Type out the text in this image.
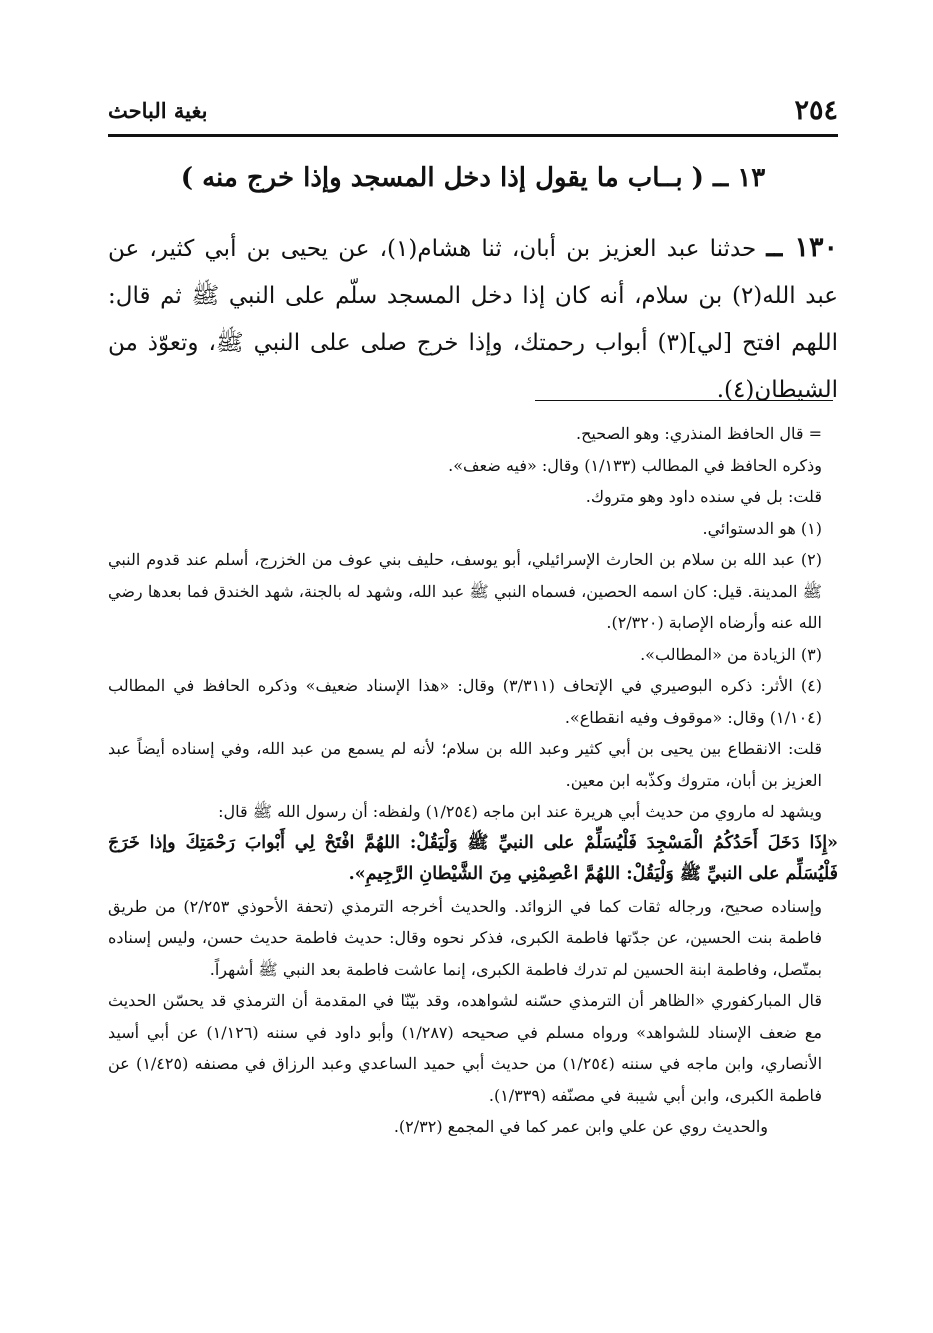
٢٥٤
بغية الباحث
١٣ ــ ( بــاب ما يقول إذا دخل المسجد وإذا خرج منه )
١٣٠ ــ حدثنا عبد العزيز بن أبان، ثنا هشام(١)، عن يحيى بن أبي كثير، عن عبد الله(٢) بن سلام، أنه كان إذا دخل المسجد سلّم على النبي ﷺ ثم قال: اللهم افتح [لي](٣) أبواب رحمتك، وإذا خرج صلى على النبي ﷺ، وتعوّذ من الشيطان(٤).

= قال الحافظ المنذري: وهو الصحيح.

وذكره الحافظ في المطالب (١/١٣٣) وقال: «فيه ضعف».

قلت: بل في سنده داود وهو متروك.

(١) هو الدستوائي.

(٢) عبد الله بن سلام بن الحارث الإسرائيلي، أبو يوسف، حليف بني عوف من الخزرج، أسلم عند قدوم النبي ﷺ المدينة. قيل: كان اسمه الحصين، فسماه النبي ﷺ عبد الله، وشهد له بالجنة، شهد الخندق فما بعدها رضي الله عنه وأرضاه الإصابة (٢/٣٢٠).

(٣) الزيادة من «المطالب».

(٤) الأثر: ذكره البوصيري في الإتحاف (٣/٣١١) وقال: «هذا الإسناد ضعيف» وذكره الحافظ في المطالب (١/١٠٤) وقال: «موقوف وفيه انقطاع».

قلت: الانقطاع بين يحيى بن أبي كثير وعبد الله بن سلام؛ لأنه لم يسمع من عبد الله، وفي إسناده أيضاً عبد العزيز بن أبان، متروك وكذّبه ابن معين.

ويشهد له ماروي من حديث أبي هريرة عند ابن ماجه (١/٢٥٤) ولفظه: أن رسول الله ﷺ قال:

«إِذَا دَخَلَ أَحَدُكُمُ الْمَسْجِدَ فَلْيُسَلِّمْ على النبيِّ ﷺ وَلْيَقُلْ: اللهُمَّ افْتَحْ لِي أَبْوابَ رَحْمَتِكَ وإذا خَرَجَ فَلْيُسَلِّم على النبيِّ ﷺ وَلْيَقُلْ: اللهُمَّ اعْصِمْنِي مِنَ الشَّيْطانِ الرَّجِيمِ».

وإسناده صحيح، ورجاله ثقات كما في الزوائد. والحديث أخرجه الترمذي (تحفة الأحوذي ٢/٢٥٣) من طريق فاطمة بنت الحسين، عن جدّتها فاطمة الكبرى، فذكر نحوه وقال: حديث فاطمة حديث حسن، وليس إسناده بمتّصل، وفاطمة ابنة الحسين لم تدرك فاطمة الكبرى، إنما عاشت فاطمة بعد النبي ﷺ أشهراً.

قال المباركفوري «الظاهر أن الترمذي حسّنه لشواهده، وقد بيّنّا في المقدمة أن الترمذي قد يحسّن الحديث مع ضعف الإسناد للشواهد» ورواه مسلم في صحيحه (١/٢٨٧) وأبو داود في سننه (١/١٢٦) عن أبي أسيد الأنصاري، وابن ماجه في سننه (١/٢٥٤) من حديث أبي حميد الساعدي وعبد الرزاق في مصنفه (١/٤٢٥) عن فاطمة الكبرى، وابن أبي شيبة في مصنّفه (١/٣٣٩).

والحديث روي عن علي وابن عمر كما في المجمع (٢/٣٢).
